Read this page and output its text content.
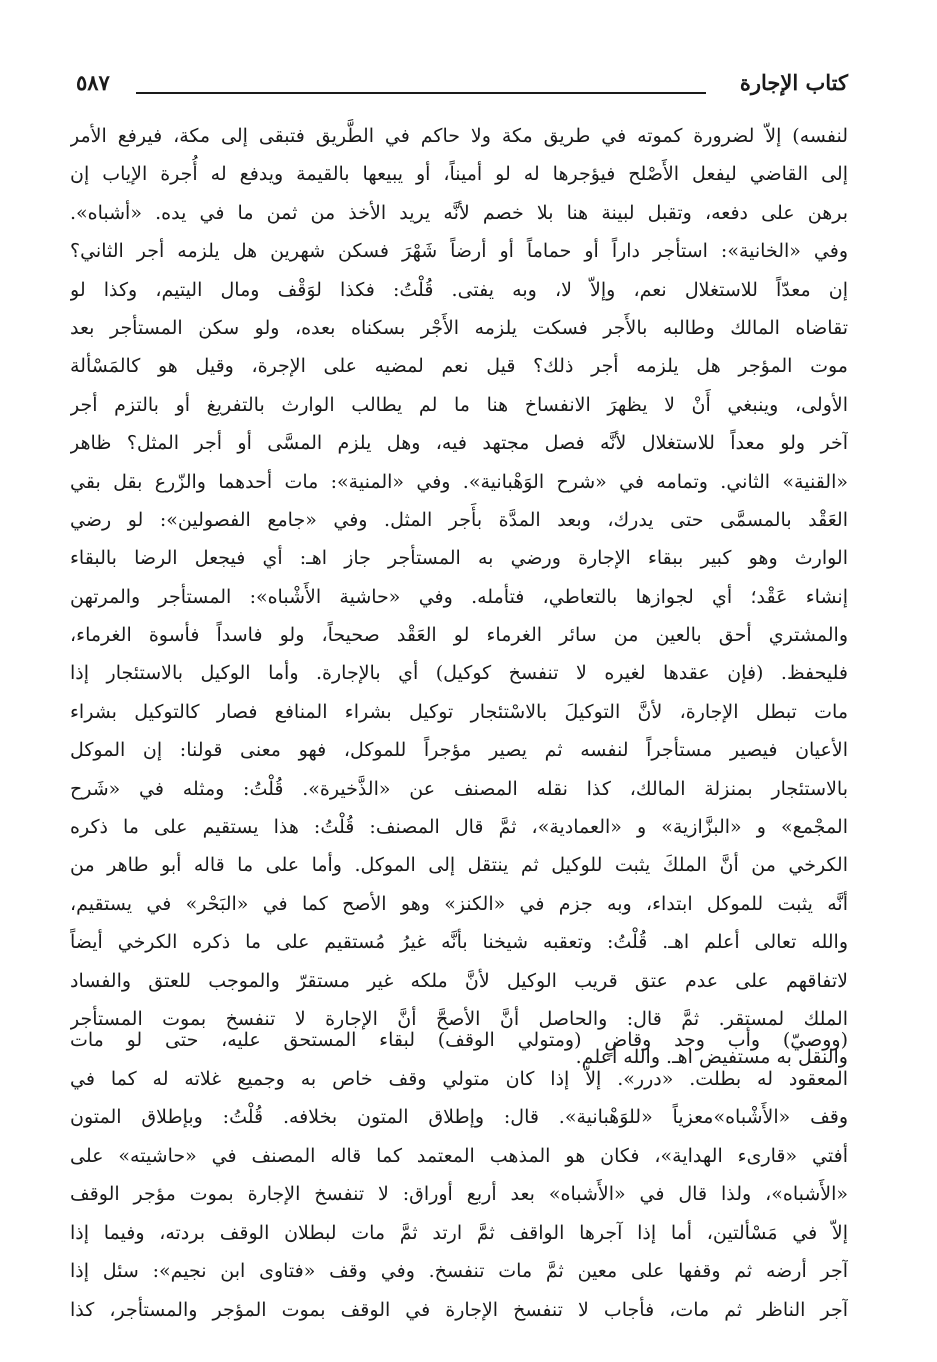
كتاب الإجارة
٥٨٧
لنفسه) إلاّ لضرورة كموته في طريق مكة ولا حاكم في الطَّريق فتبقى إلى مكة، فيرفع الأمر
إلى القاضي ليفعل الأَصْلح فيؤجرها له لو أميناً، أو يبيعها بالقيمة ويدفع له أُجرة الإياب إن
برهن على دفعه، وتقبل لبينة هنا بلا خصم لأنَّه يريد الأخذ من ثمن ما في يده. «أشباه».
وفي «الخانية»: استأجر داراً أو حماماً أو أرضاً شَهْرَ فسكن شهرين هل يلزمه أجر الثاني؟
إن معدّاً للاستغلال نعم، وإلاّ لا، وبه يفتى. قُلْتُ: فكذا لوَقْف ومال اليتيم، وكذا لو
تقاضاه المالك وطالبه بالأَجر فسكت يلزمه الأَجْر بسكناه بعده، ولو سكن المستأجر بعد
موت المؤجر هل يلزمه أجر ذلك؟ قيل نعم لمضيه على الإجرة، وقيل هو كالمَسْألة
الأولى، وينبغي أَنْ لا يظهرَ الانفساخ هنا ما لم يطالب الوارث بالتفريغ أو بالتزم أجر
آخر ولو معداً للاستغلال لأنَّه فصل مجتهد فيه، وهل يلزم المسَّى أو أجر المثل؟ ظاهر
«القنية» الثاني. وتمامه في «شرح الوَهْبانية». وفي «المنية»: مات أحدهما والزّرع بقل بقي
العَقْد بالمسمَّى حتى يدرك، وبعد المدَّة بأَجر المثل. وفي «جامع الفصولين»: لو رضي
الوارث وهو كبير ببقاء الإجارة ورضي به المستأجر جاز اهـ: أي فيجعل الرضا بالبقاء
إنشاء عَقْد؛ أي لجوازها بالتعاطي، فتأمله. وفي «حاشية الأَشْباه»: المستأجر والمرتهن
والمشتري أحق بالعين من سائر الغرماء لو العَقْد صحيحاً، ولو فاسداً فأسوة الغرماء،
فليحفظ. (فإن عقدها لغيره لا تنفسخ كوكيل) أي بالإجارة. وأما الوكيل بالاستئجار إذا
مات تبطل الإجارة، لأنَّ التوكيلَ بالاسْتئجار توكيل بشراء المنافع فصار كالتوكيل بشراء
الأعيان فيصير مستأجراً لنفسه ثم يصير مؤجراً للموكل، فهو معنى قولنا: إن الموكل
بالاستئجار بمنزلة المالك، كذا نقله المصنف عن «الذَّخيرة». قُلْتُ: ومثله في «شَرح
المجْمع» و «البزَّازية» و «العمادية»، ثمَّ قال المصنف: قُلْتُ: هذا يستقيم على ما ذكره
الكرخي من أنَّ الملكَ يثبت للوكيل ثم ينتقل إلى الموكل. وأما على ما قاله أبو طاهر من
أنَّه يثبت للموكل ابتداء، وبه جزم في «الكنز» وهو الأصح كما في «البَحْر» في يستقيم،
والله تعالى أعلم اهـ. قُلْتُ: وتعقبه شيخنا بأنَّه غيرُ مُستقيم على ما ذكره الكرخي أيضاً
لاتفاقهم على عدم عتق قريب الوكيل لأنَّ ملكه غير مستقرّ والموجب للعتق والفساد
الملك لمستقر. ثمَّ قال: والحاصل أنَّ الأصحَّ أنَّ الإجارة لا تنفسخ بموت المستأجر
والنقل به مستفيض اهـ. والله أعلم.
(ووصيّ) وأب وجد وقاضٍ (ومتولي الوقف) لبقاء المستحق عليه، حتى لو مات
المعقود له بطلت. «درر». إلاّ إذا كان متولي وقف خاص به وجميع غلاته له كما في
وقف «الأَشْباه»معزياً «للوَهْبانية». قال: وإطلاق المتون بخلافه. قُلْتُ: وبإطلاق المتون
أفتي «قارىء الهداية»، فكان هو المذهب المعتمد كما قاله المصنف في «حاشيته» على
«الأَشباه»، ولذا قال في «الأَشباه» بعد أربع أوراق: لا تنفسخ الإجارة بموت مؤجر الوقف
إلاّ في مَسْألتين، أما إذا آجرها الواقف ثمَّ ارتد ثمَّ مات لبطلان الوقف بردته، وفيما إذا
آجر أرضه ثم وقفها على معين ثمَّ مات تنفسخ. وفي وقف «فتاوى ابن نجيم»: سئل إذا
آجر الناظر ثم مات، فأجاب لا تنفسخ الإجارة في الوقف بموت المؤجر والمستأجر، كذا
